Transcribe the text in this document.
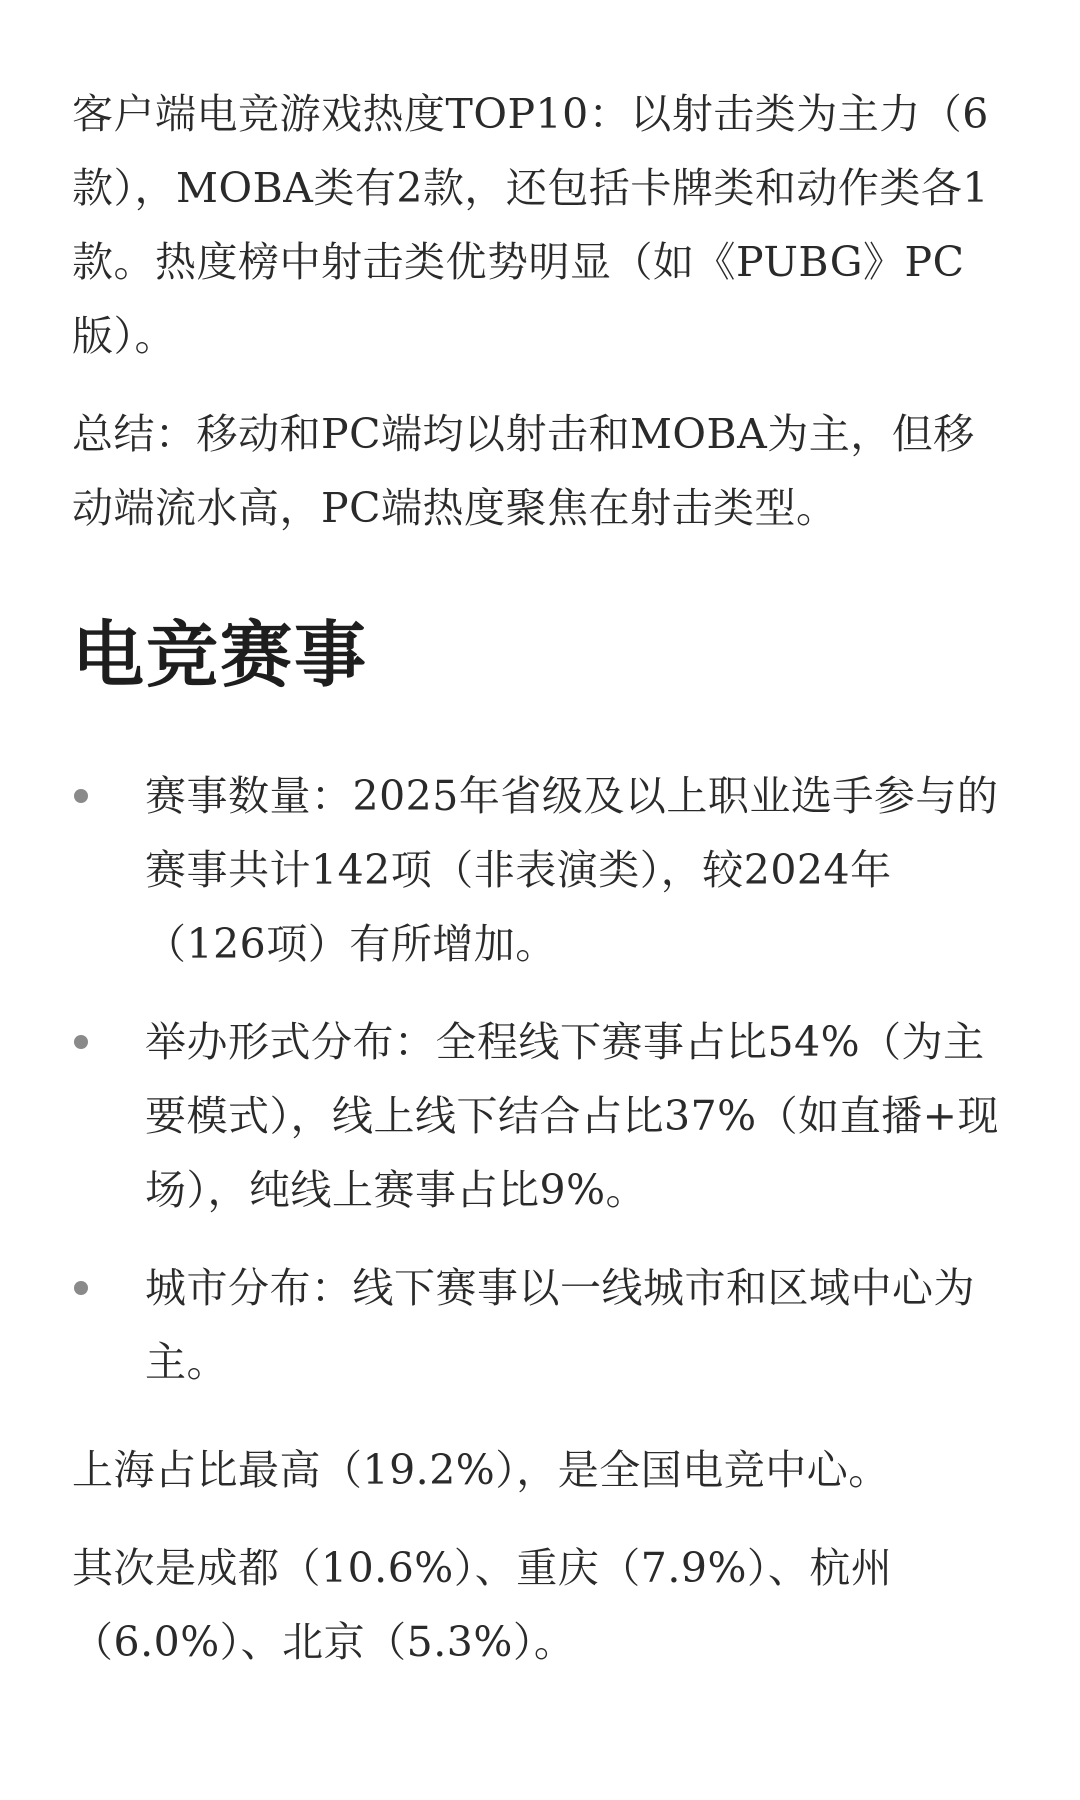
客户端电竞游戏热度TOP10：以射击类为主力（6款），MOBA类有2款，还包括卡牌类和动作类各1款。热度榜中射击类优势明显（如《PUBG》PC版）。

总结：移动和PC端均以射击和MOBA为主，但移动端流水高，PC端热度聚焦在射击类型。

电竞赛事
赛事数量：2025年省级及以上职业选手参与的赛事共计142项（非表演类），较2024年（126项）有所增加。
举办形式分布：全程线下赛事占比54%（为主要模式），线上线下结合占比37%（如直播+现场），纯线上赛事占比9%。
城市分布：线下赛事以一线城市和区域中心为主。

上海占比最高（19.2%），是全国电竞中心。

其次是成都（10.6%）、重庆（7.9%）、杭州（6.0%）、北京（5.3%）。
